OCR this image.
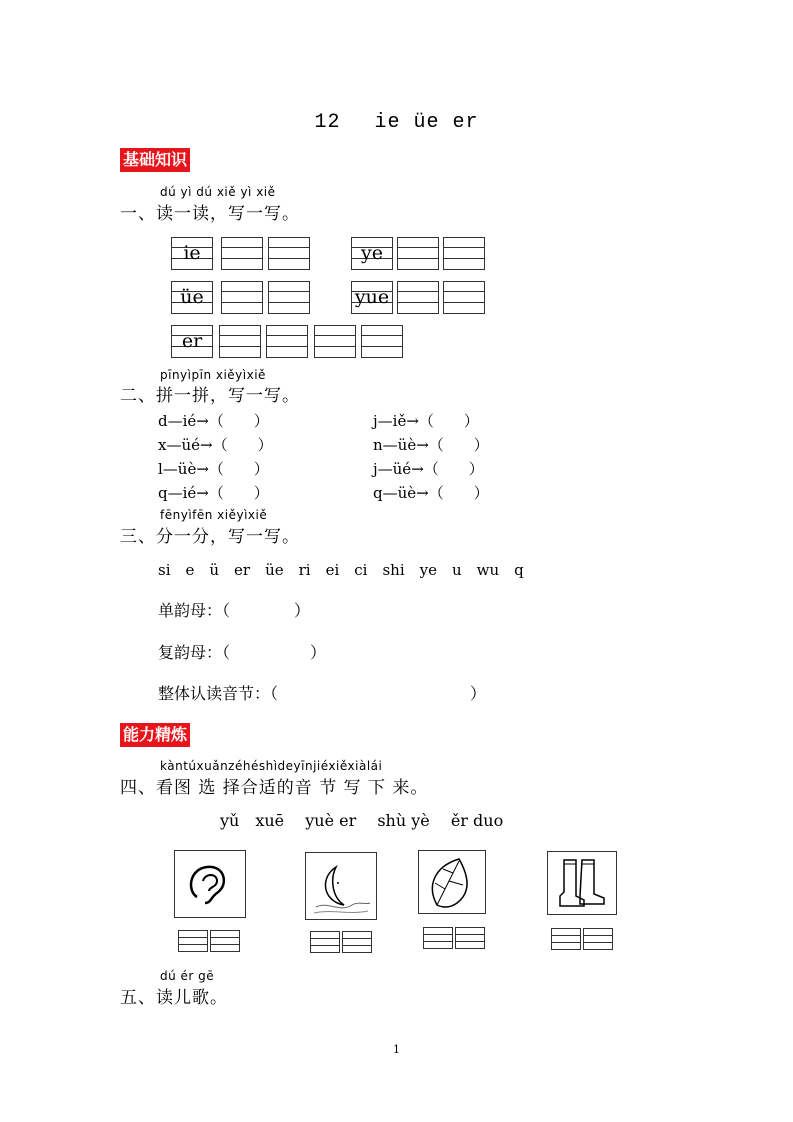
12　 ie üe er
基础知识
dú yì dú xiě yì xiě
一、读一读，写一写。
ie	ye
üe	yue
er
pīnyìpīn xiěyìxiě
二、拼一拼，写一写。
d—ié→（　　）
x—üé→（　　）
l—üè→（　　）
q—ié→（　　）
j—iě→（　　）
n—üè→（　　）
j—üé→（　　）
q—üè→（　　）
fēnyìfēn xiěyìxiě
三、分一分，写一写。
si　e　ü　er　üe　ri　ei　ci　shi　ye　u　wu　q
单韵母：（　　　　）
复韵母：（　　　　　）
整体认读音节：（　　　　　　　　　　　　）
能力精炼
kàntúxuǎnzéhéshìdeyīnjiéxiěxiàlái
四、看图 选 择合适的音 节 写 下 来。
yǔ　xuē　 yuè er　 shù yè　 ěr duo
dú ér gē
五、读儿歌。
1
